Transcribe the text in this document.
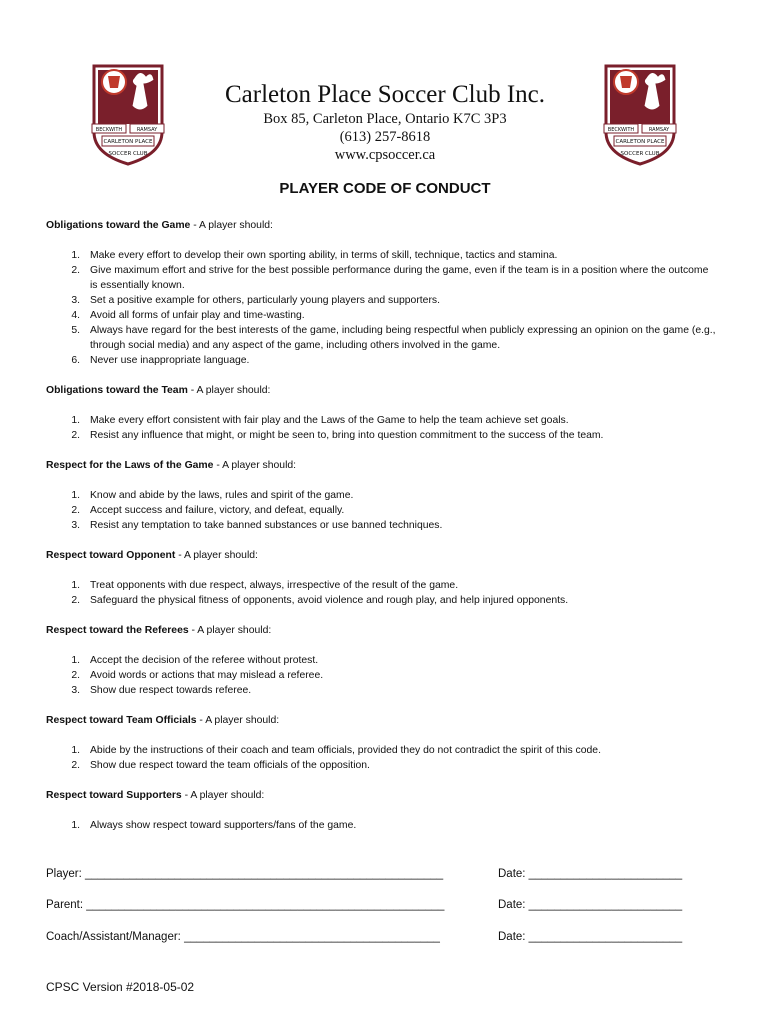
BECKWITH	RAMSAY
CARLETON PLACE
SOCCER CLUB
BECKWITH	RAMSAY
CARLETON PLACE
SOCCER CLUB
Carleton Place Soccer Club Inc.
Box 85, Carleton Place, Ontario K7C 3P3
(613) 257-8618
www.cpsoccer.ca
PLAYER CODE OF CONDUCT
Obligations toward the Game - A player should:
1. Make every effort to develop their own sporting ability, in terms of skill, technique, tactics and stamina.
2. Give maximum effort and strive for the best possible performance during the game, even if the team is in a position where the outcome is essentially known.
3. Set a positive example for others, particularly young players and supporters.
4. Avoid all forms of unfair play and time-wasting.
5. Always have regard for the best interests of the game, including being respectful when publicly expressing an opinion on the game (e.g., through social media) and any aspect of the game, including others involved in the game.
6. Never use inappropriate language.
Obligations toward the Team - A player should:
1. Make every effort consistent with fair play and the Laws of the Game to help the team achieve set goals.
2. Resist any influence that might, or might be seen to, bring into question commitment to the success of the team.
Respect for the Laws of the Game - A player should:
1. Know and abide by the laws, rules and spirit of the game.
2. Accept success and failure, victory, and defeat, equally.
3. Resist any temptation to take banned substances or use banned techniques.
Respect toward Opponent - A player should:
1. Treat opponents with due respect, always, irrespective of the result of the game.
2. Safeguard the physical fitness of opponents, avoid violence and rough play, and help injured opponents.
Respect toward the Referees - A player should:
1. Accept the decision of the referee without protest.
2. Avoid words or actions that may mislead a referee.
3. Show due respect towards referee.
Respect toward Team Officials - A player should:
1. Abide by the instructions of their coach and team officials, provided they do not contradict the spirit of this code.
2. Show due respect toward the team officials of the opposition.
Respect toward Supporters - A player should:
1. Always show respect toward supporters/fans of the game.
Player: ________________________________________________________	Date: ________________________
Parent: ________________________________________________________	Date: ________________________
Coach/Assistant/Manager: ________________________________________	Date: ________________________
CPSC Version #2018-05-02
